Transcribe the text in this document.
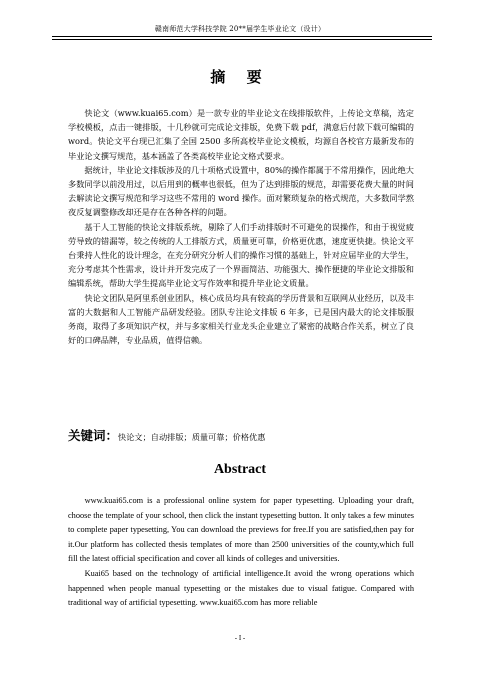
赣南师范大学科技学院 20**届学生毕业论文（设计）
摘 要

快论文（www.kuai65.com）是一款专业的毕业论文在线排版软件，上传论文草稿，选定学校模板，点击一键排版，十几秒就可完成论文排版，免费下载 pdf，满意后付款下载可编辑的 word。快论文平台现已汇集了全国 2500 多所高校毕业论文模板，均源自各校官方最新发布的毕业论文撰写规范，基本涵盖了各类高校毕业论文格式要求。

据统计，毕业论文排版涉及的几十项格式设置中，80%的操作都属于不常用操作，因此绝大多数同学以前没用过，以后用到的概率也很低，但为了达到排版的规范，却需要花费大量的时间去解读论文撰写规范和学习这些不常用的 word 操作。面对繁琐复杂的格式规范，大多数同学熬夜反复调整修改却还是存在各种各样的问题。

基于人工智能的快论文排版系统，剔除了人们手动排版时不可避免的误操作，和由于视觉疲劳导致的错漏等，较之传统的人工排版方式，质量更可靠，价格更优惠，速度更快捷。快论文平台秉持人性化的设计理念，在充分研究分析人们的操作习惯的基础上，针对应届毕业的大学生，充分考虑其个性需求，设计并开发完成了一个界面简洁、功能强大、操作便捷的毕业论文排版和编辑系统，帮助大学生提高毕业论文写作效率和提升毕业论文质量。

快论文团队是阿里系创业团队，核心成员均具有较高的学历背景和互联网从业经历，以及丰富的大数据和人工智能产品研发经验。团队专注论文排版 6 年多，已是国内最大的论文排版服务商，取得了多项知识产权，并与多家相关行业龙头企业建立了紧密的战略合作关系，树立了良好的口碑品牌，专业品质，值得信赖。

关键词：快论文；自动排版；质量可靠；价格优惠
Abstract

www.kuai65.com is a professional online system for paper typesetting. Uploading your draft, choose the template of your school, then click the instant typesetting button. It only takes a few minutes to complete paper typesetting, You can download the previews for free.If you are satisfied,then pay for it.Our platform has collected thesis templates of more than 2500 universities of the county,which full fill the latest official specification and cover all kinds of colleges and universities.

Kuai65 based on the technology of artificial intelligence.It avoid the wrong operations which happenned when people manual typesetting or the mistakes due to visual fatigue. Compared with traditional way of artificial typesetting. www.kuai65.com has more reliable

- I -
